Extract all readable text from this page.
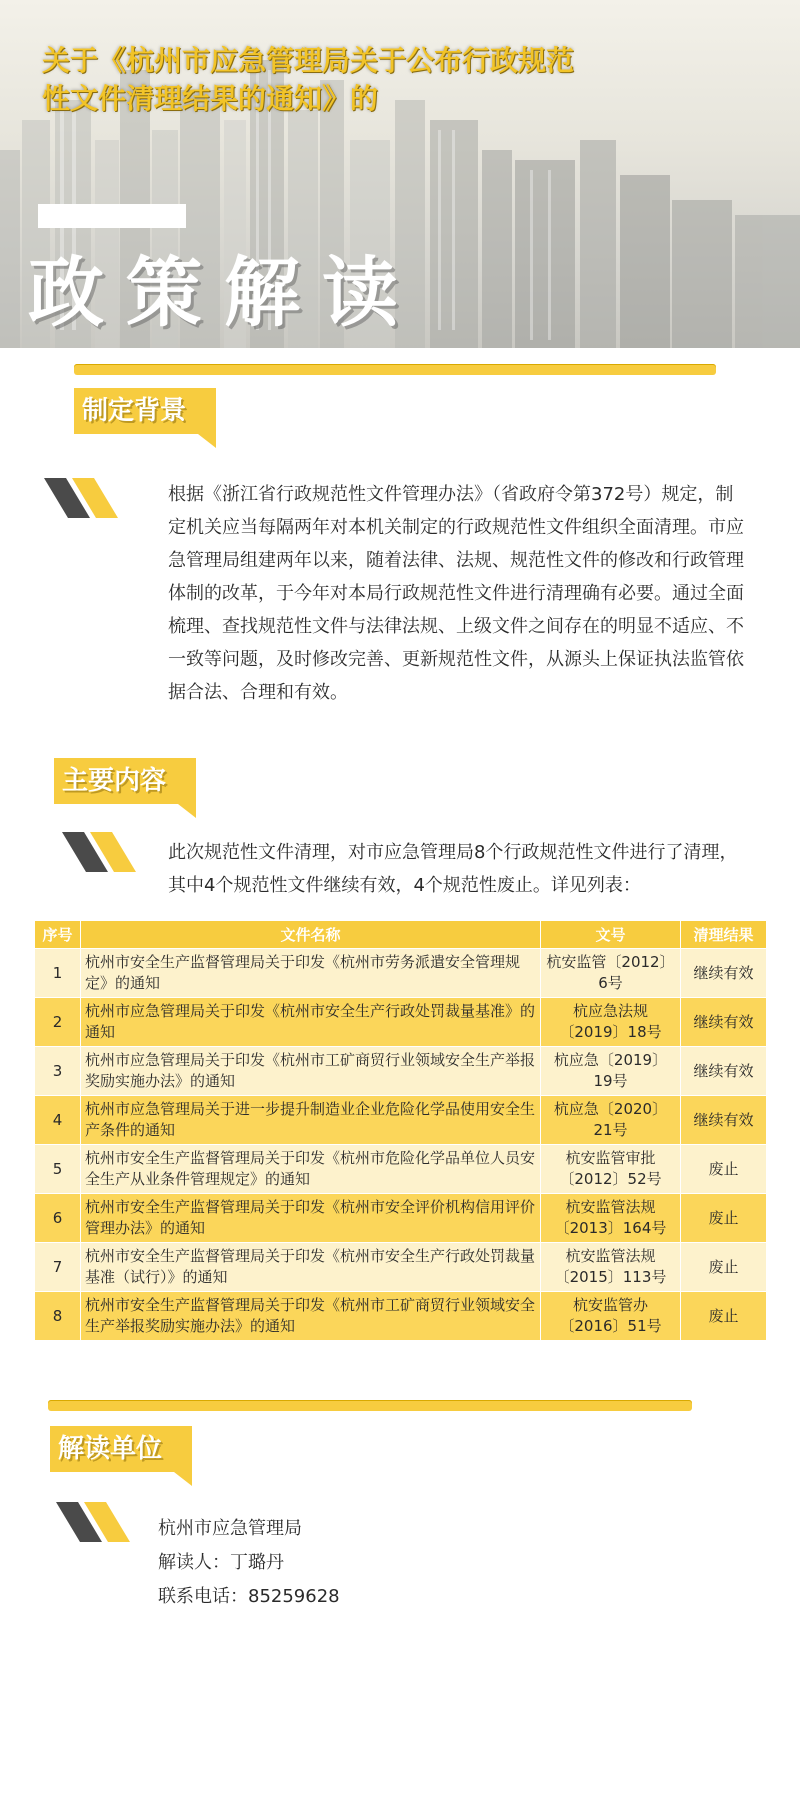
关于《杭州市应急管理局关于公布行政规范
性文件清理结果的通知》的
政策解读
制定背景

根据《浙江省行政规范性文件管理办法》（省政府令第372号）规定，制定机关应当每隔两年对本机关制定的行政规范性文件组织全面清理。市应急管理局组建两年以来，随着法律、法规、规范性文件的修改和行政管理体制的改革，于今年对本局行政规范性文件进行清理确有必要。通过全面梳理、查找规范性文件与法律法规、上级文件之间存在的明显不适应、不一致等问题，及时修改完善、更新规范性文件，从源头上保证执法监管依据合法、合理和有效。

主要内容

此次规范性文件清理，对市应急管理局8个行政规范性文件进行了清理，其中4个规范性文件继续有效，4个规范性废止。详见列表：

序号	文件名称	文号	清理结果
1	杭州市安全生产监督管理局关于印发《杭州市劳务派遣安全管理规定》的通知	杭安监管〔2012〕6号	继续有效
2	杭州市应急管理局关于印发《杭州市安全生产行政处罚裁量基准》的通知	杭应急法规〔2019〕18号	继续有效
3	杭州市应急管理局关于印发《杭州市工矿商贸行业领域安全生产举报奖励实施办法》的通知	杭应急〔2019〕19号	继续有效
4	杭州市应急管理局关于进一步提升制造业企业危险化学品使用安全生产条件的通知	杭应急〔2020〕21号	继续有效
5	杭州市安全生产监督管理局关于印发《杭州市危险化学品单位人员安全生产从业条件管理规定》的通知	杭安监管审批〔2012〕52号	废止
6	杭州市安全生产监督管理局关于印发《杭州市安全评价机构信用评价管理办法》的通知	杭安监管法规〔2013〕164号	废止
7	杭州市安全生产监督管理局关于印发《杭州市安全生产行政处罚裁量基准（试行）》的通知	杭安监管法规〔2015〕113号	废止
8	杭州市安全生产监督管理局关于印发《杭州市工矿商贸行业领域安全生产举报奖励实施办法》的通知	杭安监管办〔2016〕51号	废止
解读单位
杭州市应急管理局
解读人：丁璐丹
联系电话：85259628
